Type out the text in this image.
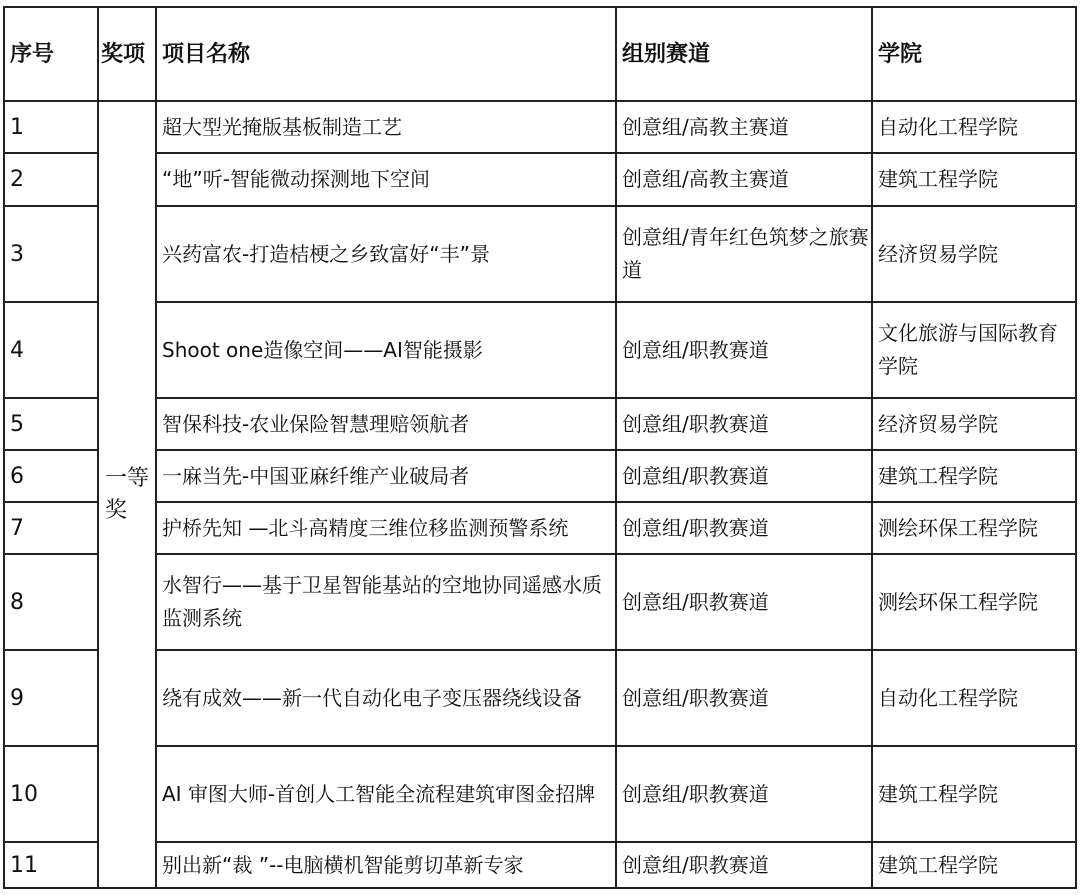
序号	奖项	项目名称	组别赛道	学院
1	一等奖	超大型光掩版基板制造工艺	创意组/高教主赛道	自动化工程学院
2		“地”听-智能微动探测地下空间	创意组/高教主赛道	建筑工程学院
3		兴药富农-打造桔梗之乡致富好“丰”景	创意组/青年红色筑梦之旅赛道	经济贸易学院
4		Shoot one造像空间——AI智能摄影	创意组/职教赛道	文化旅游与国际教育学院
5		智保科技-农业保险智慧理赔领航者	创意组/职教赛道	经济贸易学院
6		一麻当先-中国亚麻纤维产业破局者	创意组/职教赛道	建筑工程学院
7		护桥先知 —北斗高精度三维位移监测预警系统	创意组/职教赛道	测绘环保工程学院
8		水智行——基于卫星智能基站的空地协同遥感水质监测系统	创意组/职教赛道	测绘环保工程学院
9		绕有成效——新一代自动化电子变压器绕线设备	创意组/职教赛道	自动化工程学院
10		AI 审图大师-首创人工智能全流程建筑审图金招牌	创意组/职教赛道	建筑工程学院
11		别出新“裁 ”--电脑横机智能剪切革新专家	创意组/职教赛道	建筑工程学院
